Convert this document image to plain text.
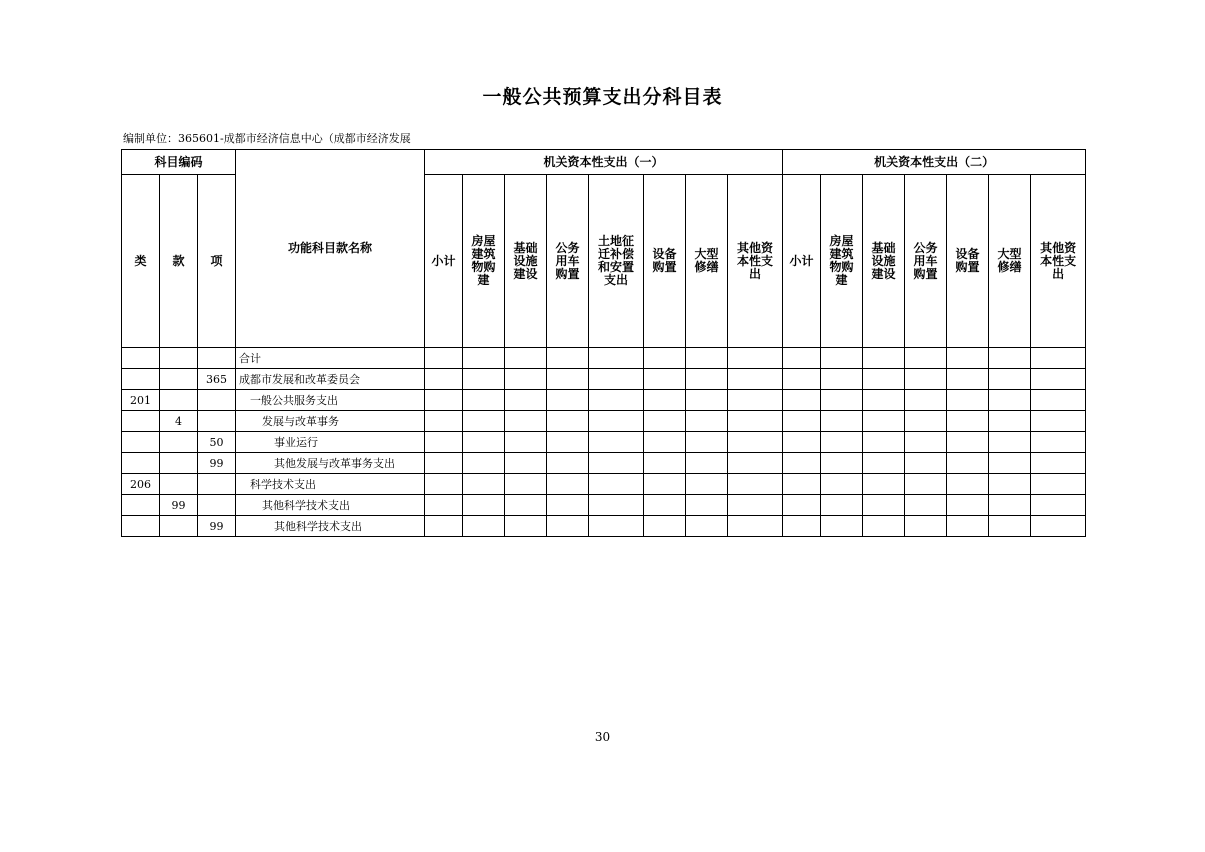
一般公共预算支出分科目表
编制单位：365601-成都市经济信息中心（成都市经济发展
科目编码			功能科目款名称	机关资本性支出（一）								机关资本性支出（二）						
类	款	项		小计	房屋
建筑
物购
建	基础
设施
建设	公务
用车
购置	土地征
迁补偿
和安置
支出	设备
购置	大型
修缮	其他资
本性支
出	小计	房屋
建筑
物购
建	基础
设施
建设	公务
用车
购置	设备
购置	大型
修缮	其他资
本性支
出

			合计															
		365	成都市发展和改革委员会															
201			一般公共服务支出															
	4		发展与改革事务															
		50	事业运行															
		99	其他发展与改革事务支出															
206			科学技术支出															
	99		其他科学技术支出															
		99	其他科学技术支出															
30
